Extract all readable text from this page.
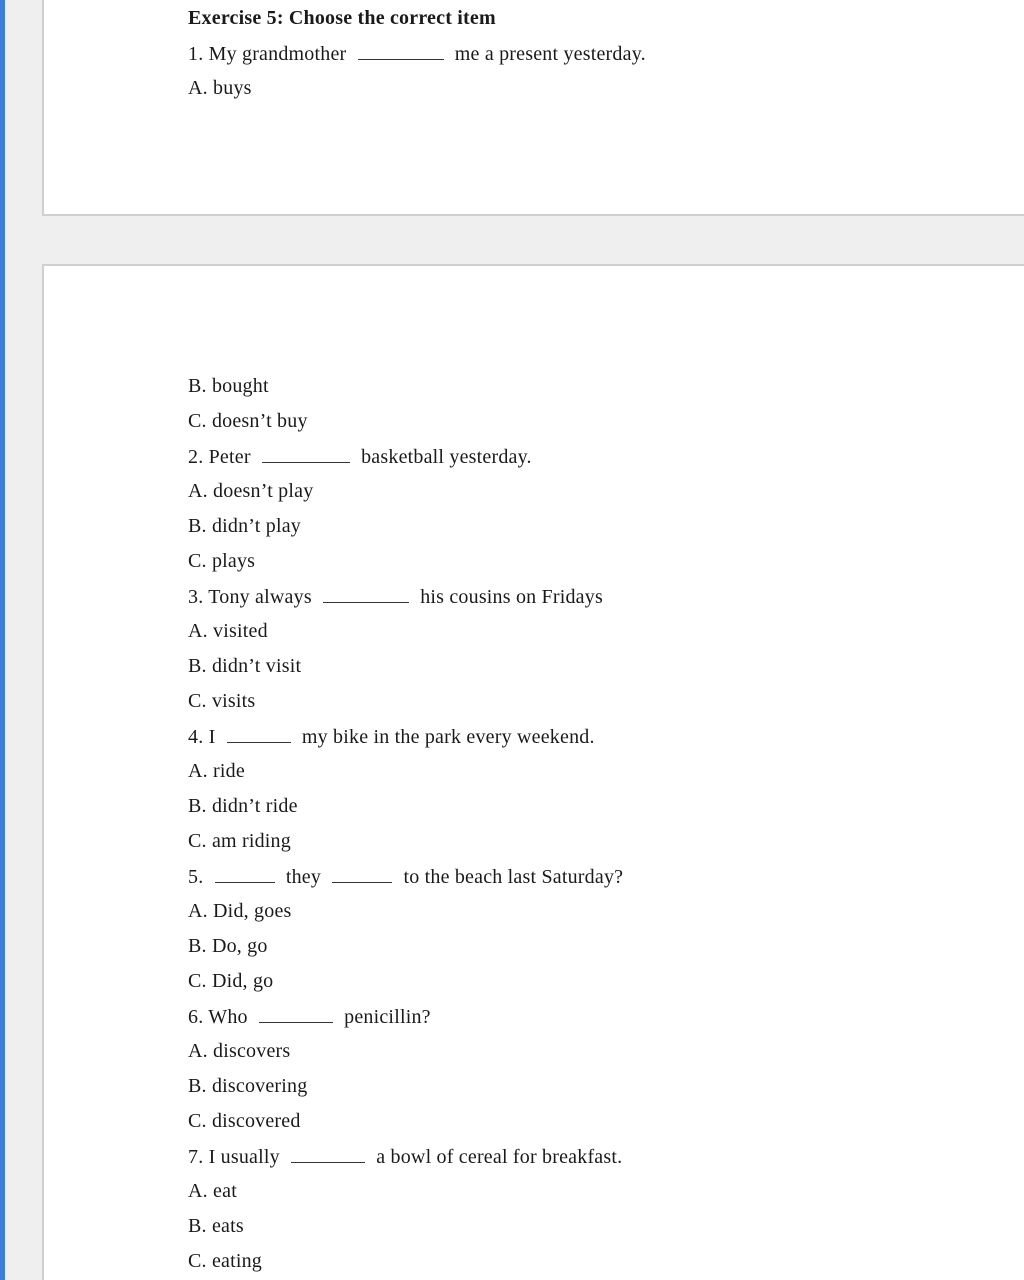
Exercise 5: Choose the correct item
1. My grandmother	me a present yesterday.
A. buys
B. bought
C. doesn’t buy
2. Peter	basketball yesterday.
A. doesn’t play
B. didn’t play
C. plays
3. Tony always	his cousins on Fridays
A. visited
B. didn’t visit
C. visits
4. I	my bike in the park every weekend.
A. ride
B. didn’t ride
C. am riding
5.	they	to the beach last Saturday?
A. Did, goes
B. Do, go
C. Did, go
6. Who	penicillin?
A. discovers
B. discovering
C. discovered
7. I usually	a bowl of cereal for breakfast.
A. eat
B. eats
C. eating
